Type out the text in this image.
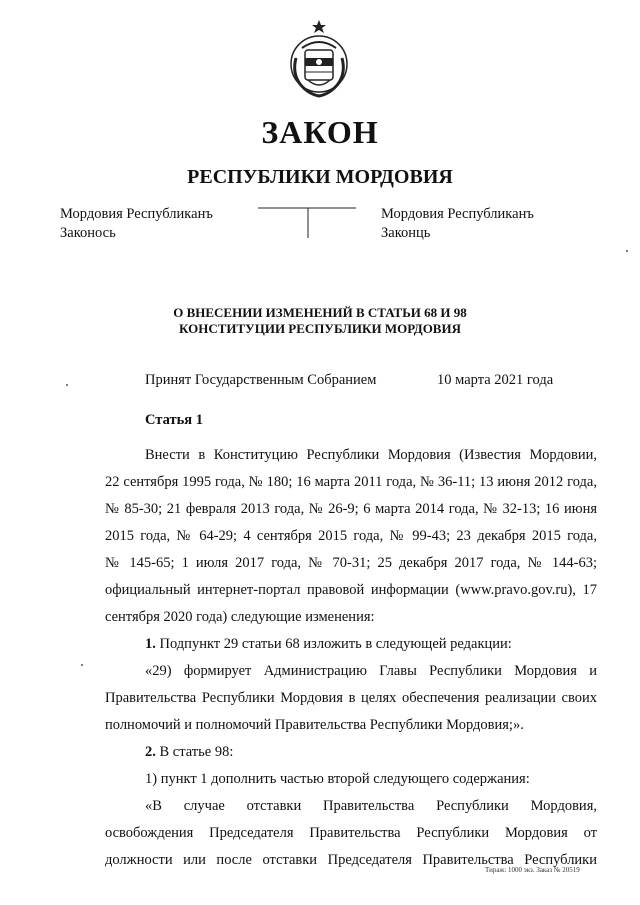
ЗАКОН
РЕСПУБЛИКИ МОРДОВИЯ
Мордовия Республиканъ
Законось
Мордовия Республиканъ
Законць
О ВНЕСЕНИИ ИЗМЕНЕНИЙ В СТАТЬИ 68 И 98
КОНСТИТУЦИИ РЕСПУБЛИКИ МОРДОВИЯ
Принят Государственным Собранием	10 марта 2021 года
Статья 1
Внести в Конституцию Республики Мордовия (Известия Мордовии,
22 сентября 1995 года, № 180; 16 марта 2011 года, № 36-11; 13 июня 2012 года,
№ 85-30; 21 февраля 2013 года, № 26-9; 6 марта 2014 года, № 32-13; 16 июня
2015 года, № 64-29; 4 сентября 2015 года, № 99-43; 23 декабря 2015 года,
№ 145-65; 1 июля 2017 года, № 70-31; 25 декабря 2017 года, № 144-63;
официальный интернет-портал правовой информации (www.pravo.gov.ru), 17
сентября 2020 года) следующие изменения:
1. Подпункт 29 статьи 68 изложить в следующей редакции:
«29) формирует Администрацию Главы Республики Мордовия и
Правительства Республики Мордовия в целях обеспечения реализации своих
полномочий и полномочий Правительства Республики Мордовия;».
2. В статье 98:
1) пункт 1 дополнить частью второй следующего содержания:
«В случае отставки Правительства Республики Мордовия,
освобождения Председателя Правительства Республики Мордовия от
должности или после отставки Председателя Правительства Республики
Тираж: 1000 экз. Заказ № 20519
